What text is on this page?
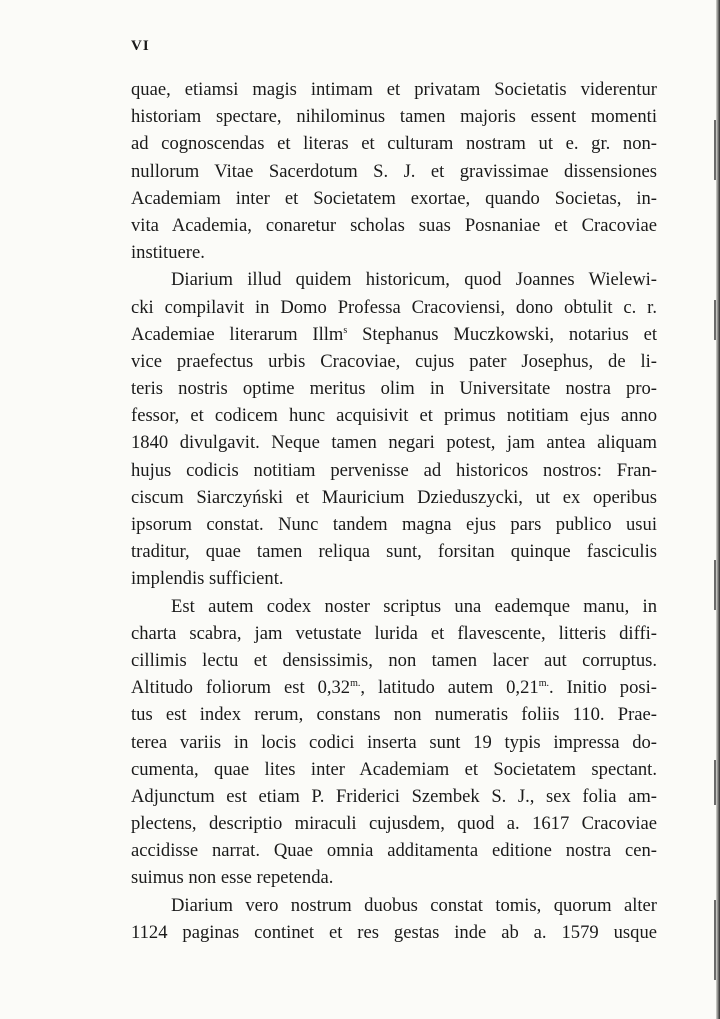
VI
quae, etiamsi magis intimam et privatam Societatis viderentur
historiam spectare, nihilominus tamen majoris essent momenti
ad cognoscendas et literas et culturam nostram ut e. gr. non-
nullorum Vitae Sacerdotum S. J. et gravissimae dissensiones
Academiam inter et Societatem exortae, quando Societas, in-
vita Academia, conaretur scholas suas Posnaniae et Cracoviae
instituere.
Diarium illud quidem historicum, quod Joannes Wielewi-
cki compilavit in Domo Professa Cracoviensi, dono obtulit c. r.
Academiae literarum Illm$^s$ Stephanus Muczkowski, notarius et
vice praefectus urbis Cracoviae, cujus pater Josephus, de li-
teris nostris optime meritus olim in Universitate nostra pro-
fessor, et codicem hunc acquisivit et primus notitiam ejus anno
1840 divulgavit. Neque tamen negari potest, jam antea aliquam
hujus codicis notitiam pervenisse ad historicos nostros: Fran-
ciscum Siarczyński et Mauricium Dzieduszycki, ut ex operibus
ipsorum constat. Nunc tandem magna ejus pars publico usui
traditur, quae tamen reliqua sunt, forsitan quinque fasciculis
implendis sufficient.
Est autem codex noster scriptus una eademque manu, in
charta scabra, jam vetustate lurida et flavescente, litteris diffi-
cillimis lectu et densissimis, non tamen lacer aut corruptus.
Altitudo foliorum est $0,32^{m.}$, latitudo autem $0,21^{m.}$. Initio posi-
tus est index rerum, constans non numeratis foliis 110. Prae-
terea variis in locis codici inserta sunt 19 typis impressa do-
cumenta, quae lites inter Academiam et Societatem spectant.
Adjunctum est etiam P. Friderici Szembek S. J., sex folia am-
plectens, descriptio miraculi cujusdem, quod a. 1617 Cracoviae
accidisse narrat. Quae omnia additamenta editione nostra cen-
suimus non esse repetenda.
Diarium vero nostrum duobus constat tomis, quorum alter
1124 paginas continet et res gestas inde ab a. 1579 usque
